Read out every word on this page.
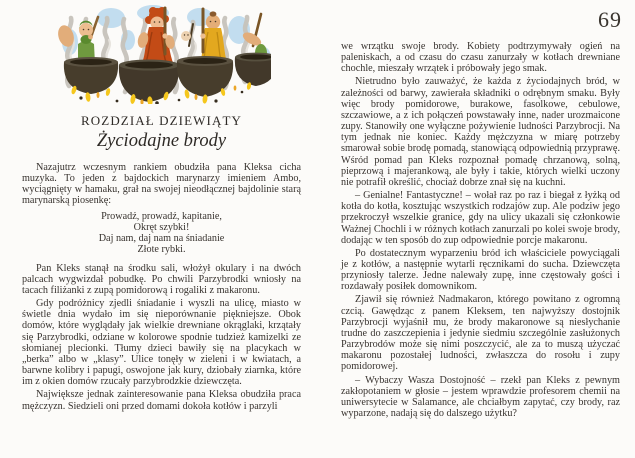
ROZDZIAŁ DZIEWIĄTY
Życiodajne brody

Nazajutrz wczesnym rankiem obudziła pana Kleksa cicha muzyka. To jeden z bajdockich marynarzy imieniem Ambo, wyciągnięty w hamaku, grał na swojej nieodłącznej bajdolinie starą marynarską piosenkę:

Prowadź, prowadź, kapitanie,
Okręt szybki!
Daj nam, daj nam na śniadanie
Złote rybki.

Pan Kleks stanął na środku sali, włożył okulary i na dwóch palcach wygwizdał pobudkę. Po chwili Parzybrodki wniosły na tacach filiżanki z zupą pomidorową i rogaliki z makaronu.

Gdy podróżnicy zjedli śniadanie i wyszli na ulicę, miasto w świetle dnia wydało im się nieporównanie piękniejsze. Obok domów, które wyglądały jak wielkie drewniane okrąglaki, krzątały się Parzybrodki, odziane w kolorowe spodnie tudzież kamizelki ze słomianej plecionki. Tłumy dzieci bawiły się na placykach w „berka” albo w „klasy”. Ulice tonęły w zieleni i w kwiatach, a barwne kolibry i papugi, oswojone jak kury, dziobały ziarnka, które im z okien domów rzucały parzybrodzkie dziewczęta.

Największe jednak zainteresowanie pana Kleksa obudziła praca mężczyzn. Siedzieli oni przed domami dokoła kotłów i parzyli

69

we wrzątku swoje brody. Kobiety podtrzymywały ogień na paleniskach, a od czasu do czasu zanurzały w kotłach drewniane chochle, mieszały wrzątek i próbowały jego smak.

Nietrudno było zauważyć, że każda z życiodajnych bród, w zależności od barwy, zawierała składniki o odrębnym smaku. Były więc brody pomidorowe, burakowe, fasolkowe, cebulowe, szczawiowe, a z ich połączeń powstawały inne, nader urozmaicone zupy. Stanowiły one wyłączne pożywienie ludności Parzybrocji. Na tym jednak nie koniec. Każdy mężczyzna w miarę potrzeby smarował sobie brodę pomadą, stanowiącą odpowiednią przyprawę. Wśród pomad pan Kleks rozpoznał pomadę chrzanową, solną, pieprzową i majerankową, ale były i takie, których wielki uczony nie potrafił określić, chociaż dobrze znał się na kuchni.

– Genialne! Fantastyczne! – wołał raz po raz i biegał z łyżką od kotła do kotła, kosztując wszystkich rodzajów zup. Ale podziw jego przekroczył wszelkie granice, gdy na ulicy ukazali się członkowie Ważnej Chochli i w różnych kotłach zanurzali po kolei swoje brody, dodając w ten sposób do zup odpowiednie porcje makaronu.

Po dostatecznym wyparzeniu bród ich właściciele powyciągali je z kotłów, a następnie wytarli ręcznikami do sucha. Dziewczęta przyniosły talerze. Jedne nalewały zupę, inne częstowały gości i rozdawały posiłek domownikom.

Zjawił się również Nadmakaron, którego powitano z ogromną czcią. Gawędząc z panem Kleksem, ten najwyższy dostojnik Parzybrocji wyjaśnił mu, że brody makaronowe są niesłychanie trudne do zaszczepienia i jedynie siedmiu szczególnie zasłużonych Parzybrodów może się nimi poszczycić, ale za to muszą użyczać makaronu pozostałej ludności, zwłaszcza do rosołu i zupy pomidorowej.

– Wybaczy Wasza Dostojność – rzekł pan Kleks z pewnym zakłopotaniem w głosie – jestem wprawdzie profesorem chemii na uniwersytecie w Salamance, ale chciałbym zapytać, czy brody, raz wyparzone, nadają się do dalszego użytku?
